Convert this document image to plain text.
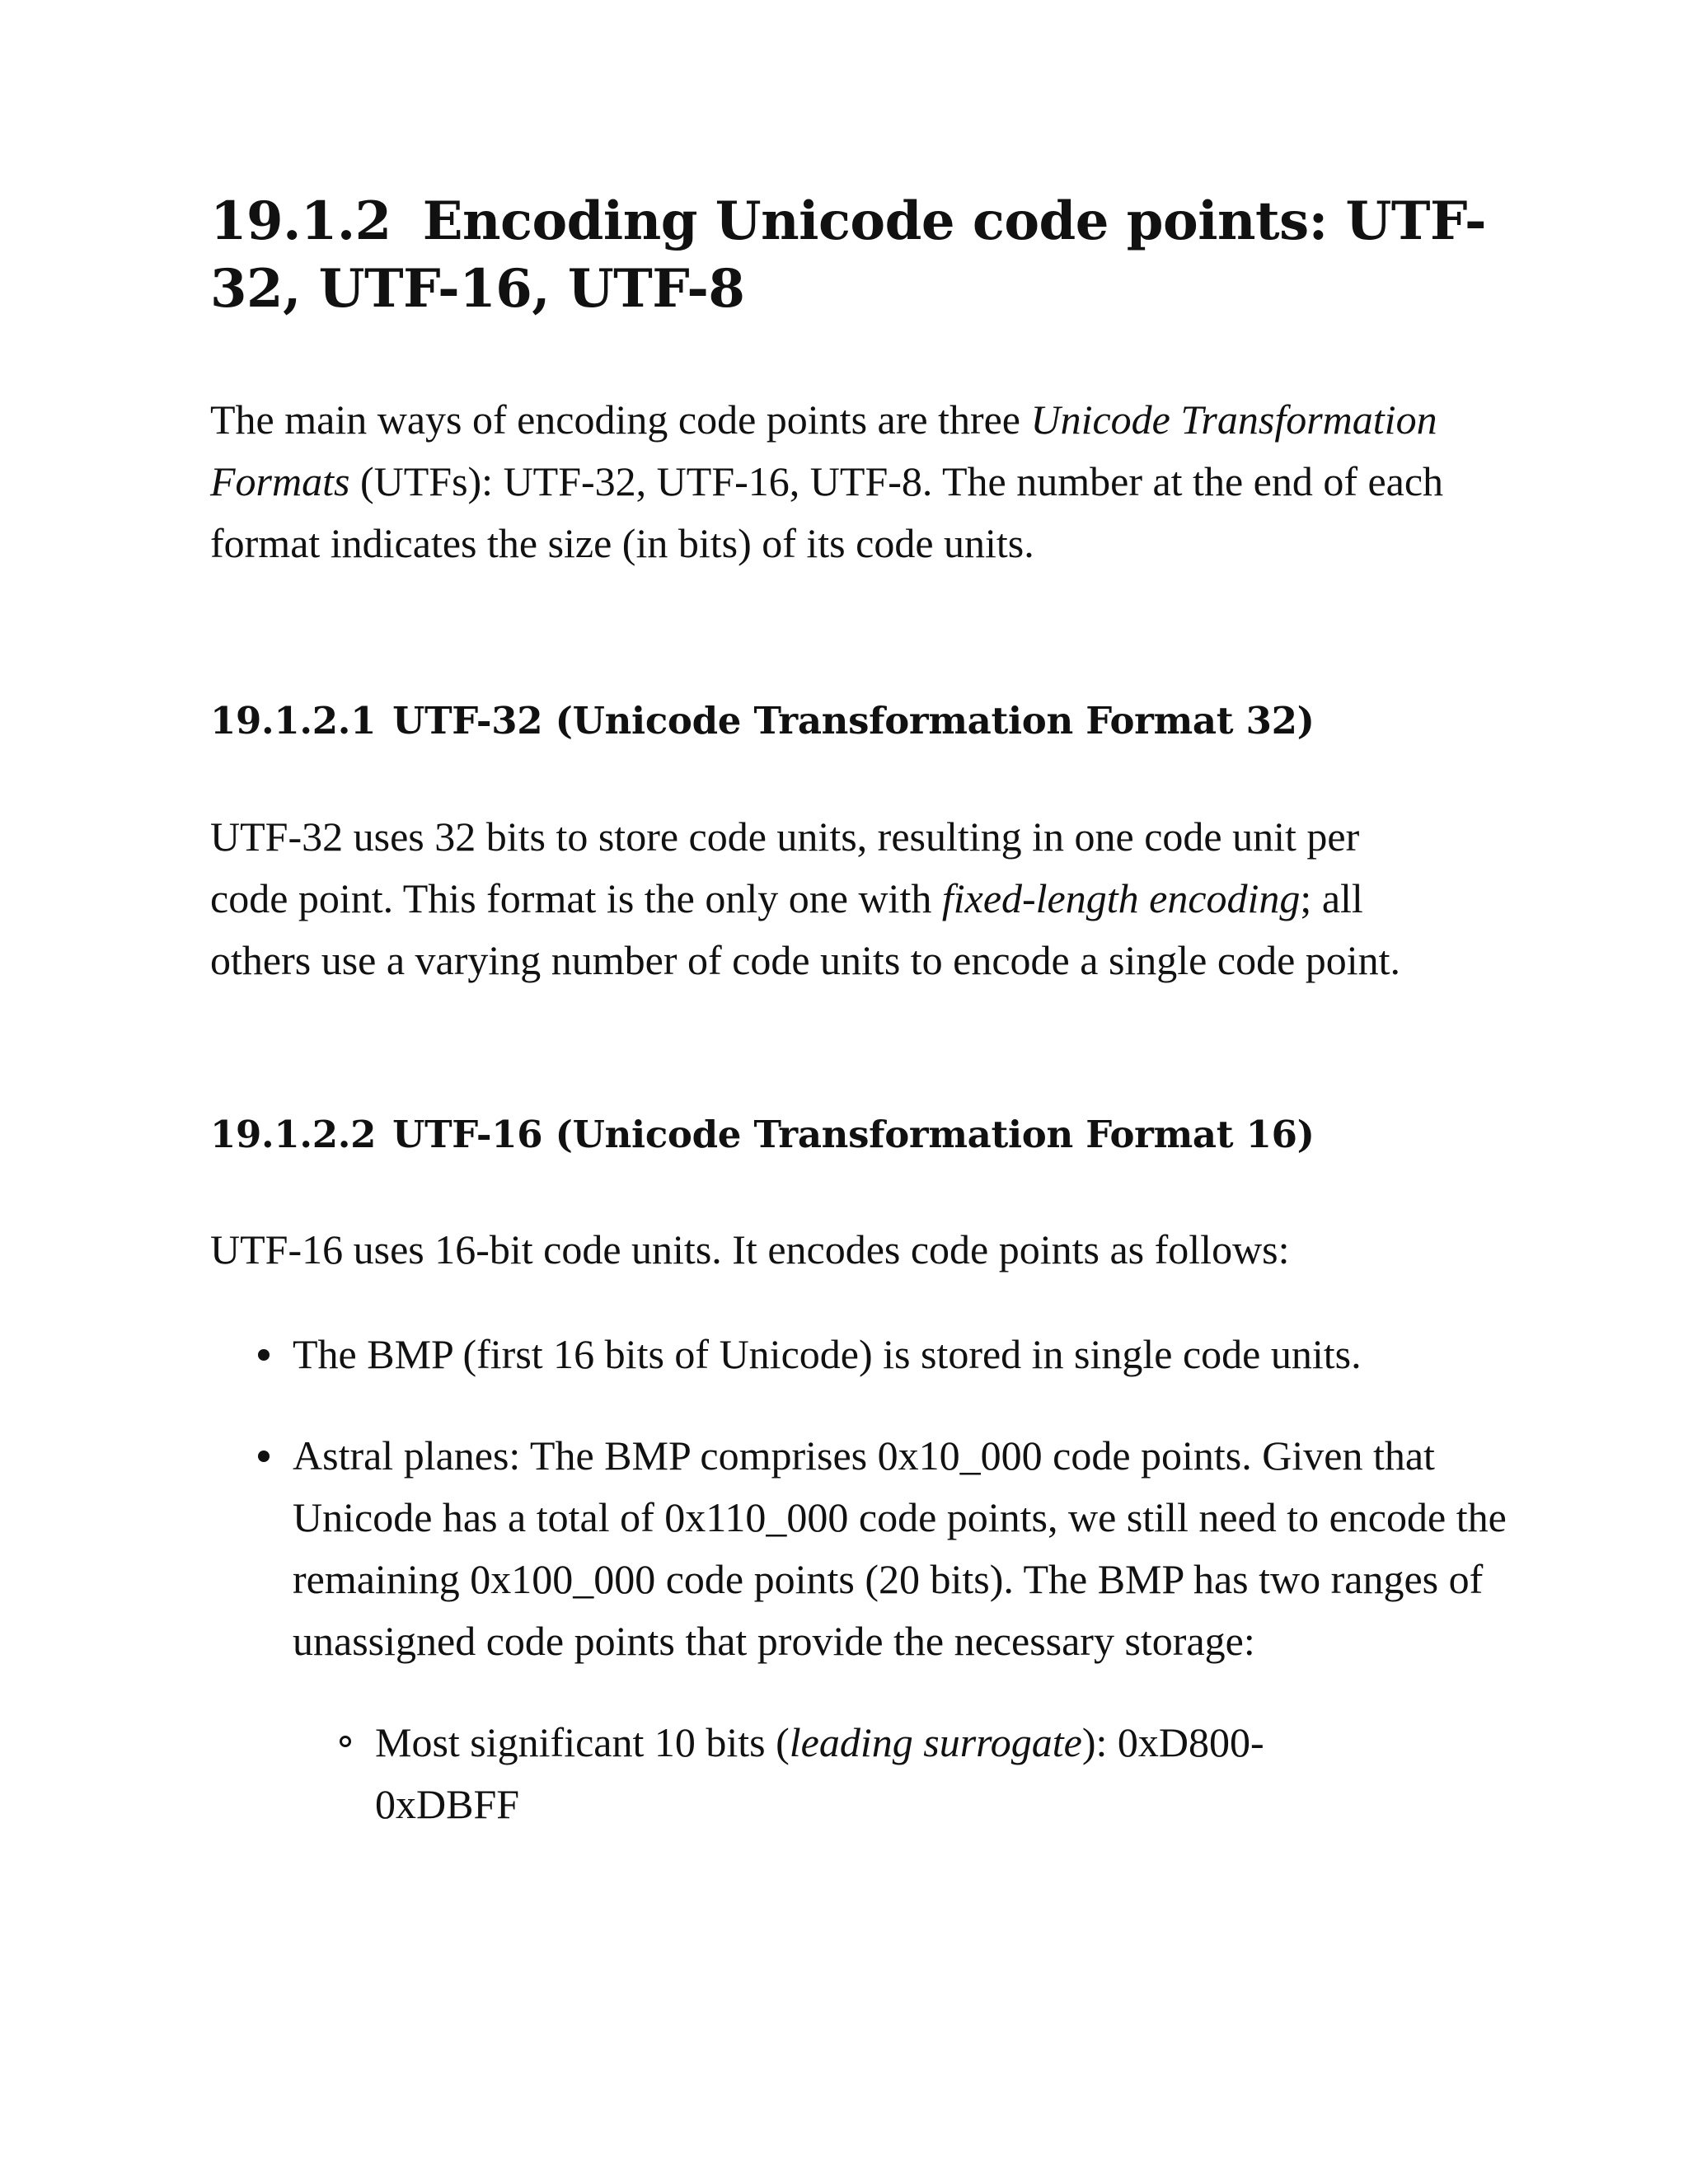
19.1.2 Encoding Unicode code points: UTF-32, UTF-16, UTF-8

The main ways of encoding code points are three Unicode Transformation Formats (UTFs): UTF-32, UTF-16, UTF-8. The number at the end of each format indicates the size (in bits) of its code units.

19.1.2.1 UTF-32 (Unicode Transformation Format 32)

UTF-32 uses 32 bits to store code units, resulting in one code unit per code point. This format is the only one with fixed-length encoding; all others use a varying number of code units to encode a single code point.

19.1.2.2 UTF-16 (Unicode Transformation Format 16)

UTF-16 uses 16-bit code units. It encodes code points as follows:

The BMP (first 16 bits of Unicode) is stored in single code units.
Astral planes: The BMP comprises 0x10_000 code points. Given that Unicode has a total of 0x110_000 code points, we still need to encode the remaining 0x100_000 code points (20 bits). The BMP has two ranges of unassigned code points that provide the necessary storage:
Most significant 10 bits (leading surrogate): 0xD800-0xDBFF
